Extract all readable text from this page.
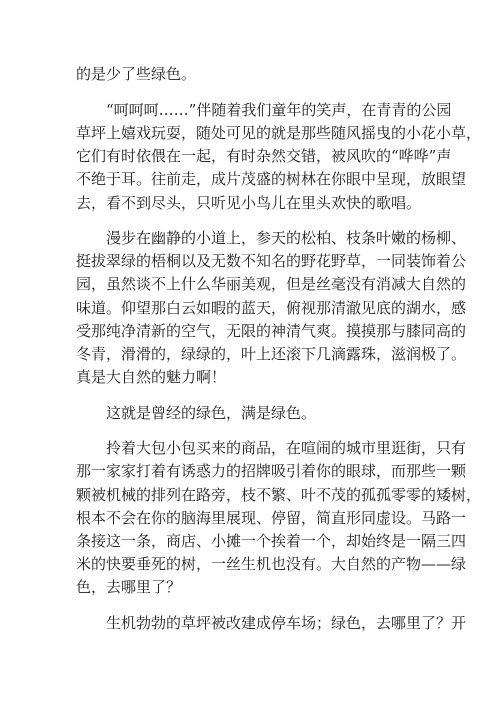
的是少了些绿色。

“呵呵呵……”伴随着我们童年的笑声，在青青的公园

草坪上嬉戏玩耍，随处可见的就是那些随风摇曳的小花小草，

它们有时依偎在一起，有时杂然交错，被风吹的“哗哗”声

不绝于耳。往前走，成片茂盛的树林在你眼中呈现，放眼望

去，看不到尽头，只听见小鸟儿在里头欢快的歌唱。

漫步在幽静的小道上，参天的松柏、枝条叶嫩的杨柳、

挺拔翠绿的梧桐以及无数不知名的野花野草，一同装饰着公

园，虽然谈不上什么华丽美观，但是丝毫没有消减大自然的

味道。仰望那白云如暇的蓝天，俯视那清澈见底的湖水，感

受那纯净清新的空气，无限的神清气爽。摸摸那与膝同高的

冬青，滑滑的，绿绿的，叶上还滚下几滴露珠，滋润极了。

真是大自然的魅力啊！

这就是曾经的绿色，满是绿色。

拎着大包小包买来的商品，在喧闹的城市里逛街，只有

那一家家打着有诱惑力的招牌吸引着你的眼球，而那些一颗

颗被机械的排列在路旁，枝不繁、叶不茂的孤孤零零的矮树，

根本不会在你的脑海里展现、停留，简直形同虚设。马路一

条接这一条，商店、小摊一个挨着一个，却始终是一隔三四

米的快要垂死的树，一丝生机也没有。大自然的产物——绿

色，去哪里了？

生机勃勃的草坪被改建成停车场；绿色，去哪里了？开
